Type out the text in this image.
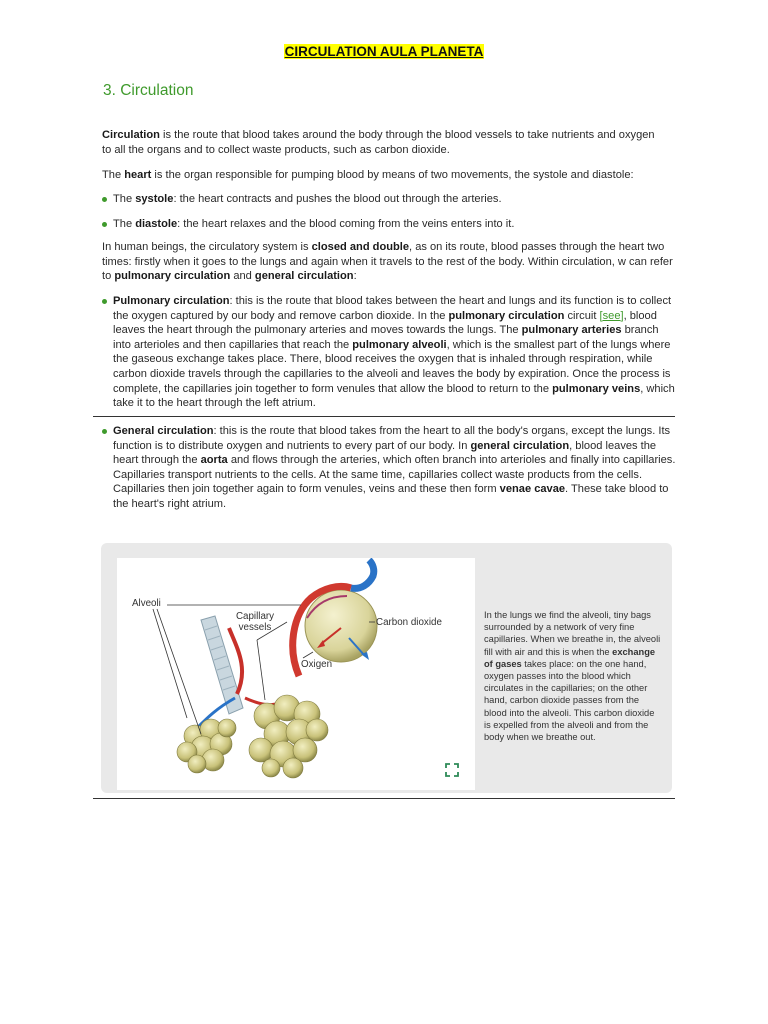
CIRCULATION AULA PLANETA
3. Circulation
Circulation is the route that blood takes around the body through the blood vessels to take nutrients and oxygen to all the organs and to collect waste products, such as carbon dioxide.
The heart is the organ responsible for pumping blood by means of two movements, the systole and diastole:
The systole: the heart contracts and pushes the blood out through the arteries.
The diastole: the heart relaxes and the blood coming from the veins enters into it.
In human beings, the circulatory system is closed and double, as on its route, blood passes through the heart two times: firstly when it goes to the lungs and again when it travels to the rest of the body. Within circulation, w can refer to pulmonary circulation and general circulation:
Pulmonary circulation: this is the route that blood takes between the heart and lungs and its function is to collect the oxygen captured by our body and remove carbon dioxide. In the pulmonary circulation circuit [see], blood leaves the heart through the pulmonary arteries and moves towards the lungs. The pulmonary arteries branch into arterioles and then capillaries that reach the pulmonary alveoli, which is the smallest part of the lungs where the gaseous exchange takes place. There, blood receives the oxygen that is inhaled through respiration, while carbon dioxide travels through the capillaries to the alveoli and leaves the body by expiration. Once the process is complete, the capillaries join together to form venules that allow the blood to return to the pulmonary veins, which take it to the heart through the left atrium.
General circulation: this is the route that blood takes from the heart to all the body's organs, except the lungs. Its function is to distribute oxygen and nutrients to every part of our body. In general circulation, blood leaves the heart through the aorta and flows through the arteries, which often branch into arterioles and finally into capillaries. Capillaries transport nutrients to the cells. At the same time, capillaries collect waste products from the cells. Capillaries then join together again to form venules, veins and these then form venae cavae. These take blood to the heart's right atrium.
Alveoli
Capillary vessels	Carbon dioxide
Oxigen
In the lungs we find the alveoli, tiny bags surrounded by a network of very fine capillaries. When we breathe in, the alveoli fill with air and this is when the exchange of gases takes place: on the one hand, oxygen passes into the blood which circulates in the capillaries; on the other hand, carbon dioxide passes from the blood into the alveoli. This carbon dioxide is expelled from the alveoli and from the body when we breathe out.
